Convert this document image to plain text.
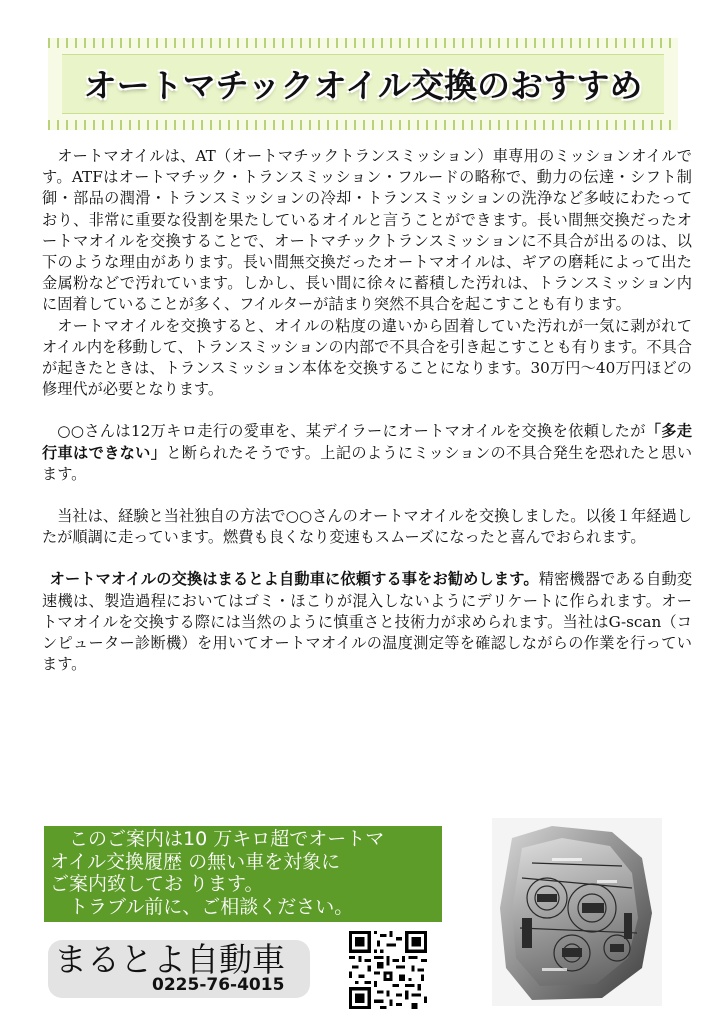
オートマチックオイル交換のおすすめ

オートマオイルは、AT（オートマチックトランスミッション）車専用のミッションオイルです。ATFはオートマチック・トランスミッション・フルードの略称で、動力の伝達・シフト制御・部品の潤滑・トランスミッションの冷却・トランスミッションの洗浄など多岐にわたっており、非常に重要な役割を果たしているオイルと言うことができます。長い間無交換だったオートマオイルを交換することで、オートマチックトランスミッションに不具合が出るのは、以下のような理由があります。長い間無交換だったオートマオイルは、ギアの磨耗によって出た金属粉などで汚れています。しかし、長い間に徐々に蓄積した汚れは、トランスミッション内に固着していることが多く、フイルターが詰まり突然不具合を起こすことも有ります。

オートマオイルを交換すると、オイルの粘度の違いから固着していた汚れが一気に剥がれてオイル内を移動して、トランスミッションの内部で不具合を引き起こすことも有ります。不具合が起きたときは、トランスミッション本体を交換することになります。30万円～40万円ほどの修理代が必要となります。

○○さんは12万キロ走行の愛車を、某デイラーにオートマオイルを交換を依頼したが「多走行車はできない」と断られたそうです。上記のようにミッションの不具合発生を恐れたと思います。

当社は、経験と当社独自の方法で○○さんのオートマオイルを交換しました。以後１年経過したが順調に走っています。燃費も良くなり変速もスムーズになったと喜んでおられます。

オートマオイルの交換はまるとよ自動車に依頼する事をお勧めします。精密機器である自動変速機は、製造過程においてはゴミ・ほこりが混入しないようにデリケートに作られます。オートマオイルを交換する際には当然のように慎重さと技術力が求められます。当社はG-scan（コンピューター診断機）を用いてオートマオイルの温度測定等を確認しながらの作業を行っています。

　このご案内は10 万キロ超でオートマ
オイル交換履歴 の無い車を対象に
ご案内致してお ります。
　トラブル前に、ご相談ください。
まるとよ自動車
0225-76-4015
